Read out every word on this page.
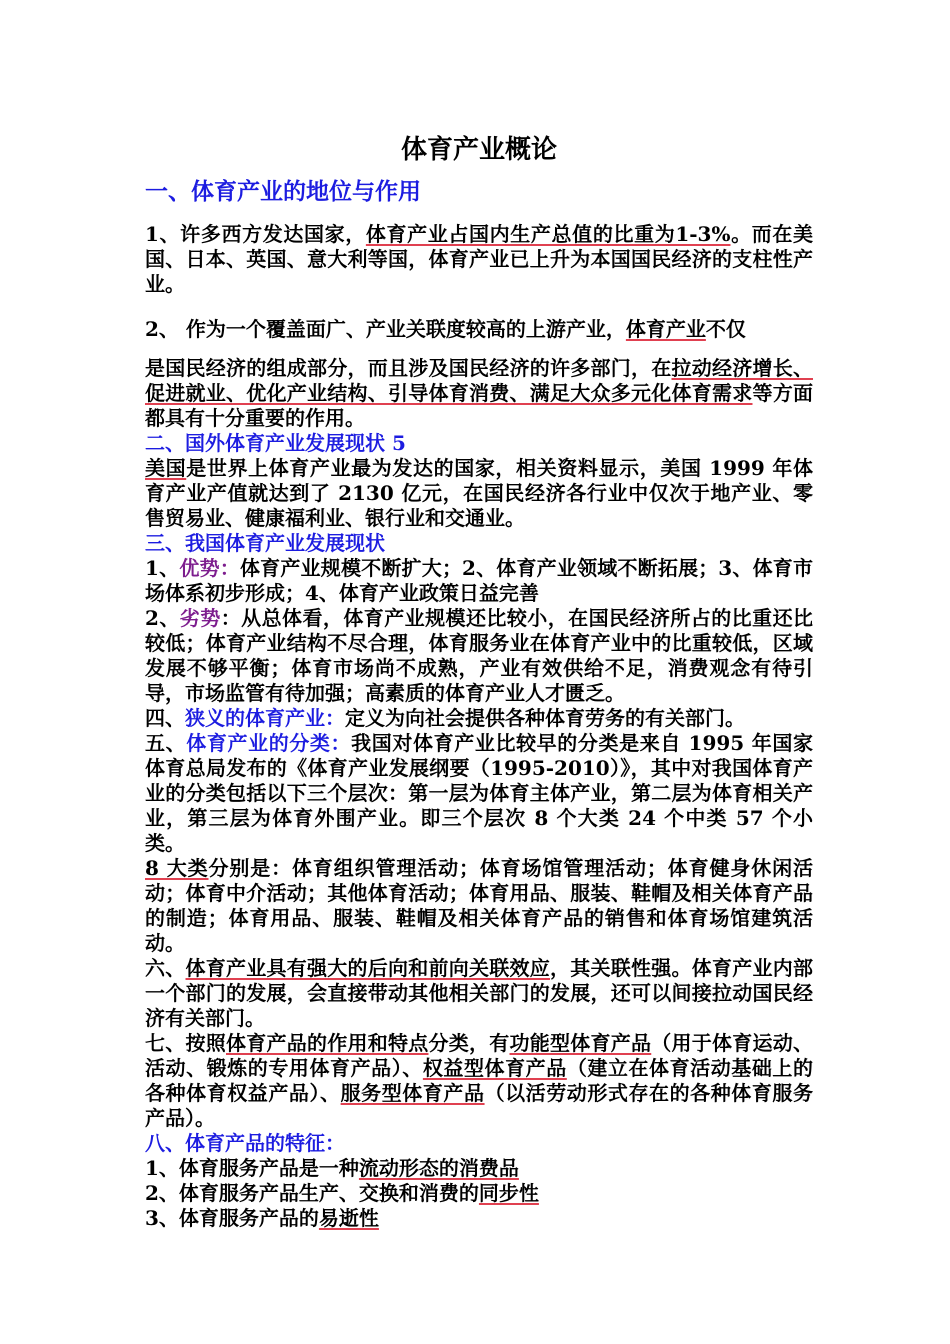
体育产业概论
一、体育产业的地位与作用

1、许多西方发达国家，体育产业占国内生产总值的比重为1-3%。而在美国、日本、英国、意大利等国，体育产业已上升为本国国民经济的支柱性产业。

2、 作为一个覆盖面广、产业关联度较高的上游产业，体育产业不仅

是国民经济的组成部分，而且涉及国民经济的许多部门，在拉动经济增长、促进就业、优化产业结构、引导体育消费、满足大众多元化体育需求等方面都具有十分重要的作用。

二、国外体育产业发展现状 5

美国是世界上体育产业最为发达的国家，相关资料显示，美国 1999 年体育产业产值就达到了 2130 亿元，在国民经济各行业中仅次于地产业、零售贸易业、健康福利业、银行业和交通业。

三、我国体育产业发展现状

1、优势：体育产业规模不断扩大；2、体育产业领域不断拓展；3、体育市场体系初步形成；4、体育产业政策日益完善

2、劣势：从总体看，体育产业规模还比较小，在国民经济所占的比重还比较低；体育产业结构不尽合理，体育服务业在体育产业中的比重较低，区域发展不够平衡；体育市场尚不成熟，产业有效供给不足，消费观念有待引导，市场监管有待加强；高素质的体育产业人才匮乏。

四、狭义的体育产业：定义为向社会提供各种体育劳务的有关部门。

五、体育产业的分类：我国对体育产业比较早的分类是来自 1995 年国家体育总局发布的《体育产业发展纲要（1995-2010）》，其中对我国体育产业的分类包括以下三个层次：第一层为体育主体产业，第二层为体育相关产业，第三层为体育外围产业。即三个层次 8 个大类 24 个中类 57 个小类。

8 大类分别是：体育组织管理活动；体育场馆管理活动；体育健身休闲活动；体育中介活动；其他体育活动；体育用品、服装、鞋帽及相关体育产品的制造；体育用品、服装、鞋帽及相关体育产品的销售和体育场馆建筑活动。

六、体育产业具有强大的后向和前向关联效应，其关联性强。体育产业内部一个部门的发展，会直接带动其他相关部门的发展，还可以间接拉动国民经济有关部门。

七、按照体育产品的作用和特点分类，有功能型体育产品（用于体育运动、活动、锻炼的专用体育产品）、权益型体育产品（建立在体育活动基础上的各种体育权益产品）、服务型体育产品（以活劳动形式存在的各种体育服务产品）。

八、体育产品的特征：

1、体育服务产品是一种流动形态的消费品

2、体育服务产品生产、交换和消费的同步性

3、体育服务产品的易逝性
